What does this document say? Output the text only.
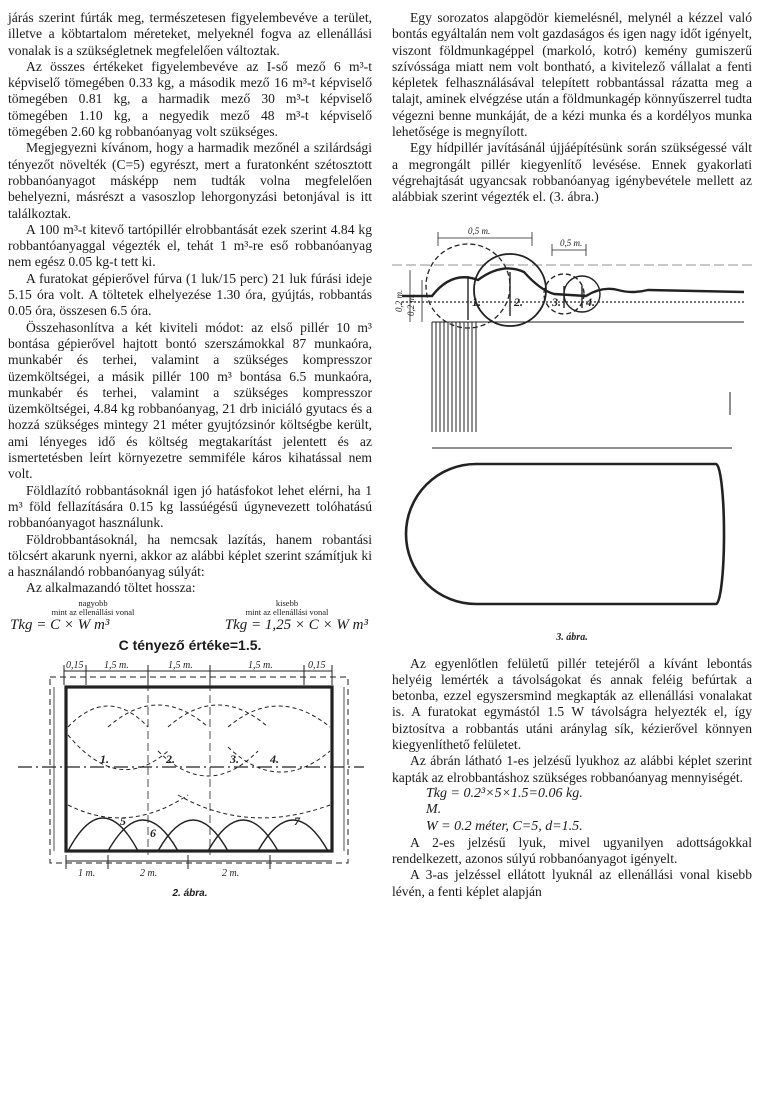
járás szerint fúrták meg, természetesen figyelembevéve a terület, illetve a köbtartalom méreteket, melyeknél fogva az ellenállási vonalak is a szükségletnek megfelelően változtak.

Az összes értékeket figyelembevéve az I-ső mező 6 m³-t képviselő tömegében 0.33 kg, a második mező 16 m³-t képviselő tömegében 0.81 kg, a harmadik mező 30 m³-t képviselő tömegében 1.10 kg, a negyedik mező 48 m³-t képviselő tömegében 2.60 kg robbanóanyag volt szükséges.

Megjegyezni kívánom, hogy a harmadik mezőnél a szilárdsági tényezőt növelték (C=5) egyrészt, mert a furatonként szétosztott robbanóanyagot másképp nem tudták volna megfelelően behelyezni, másrészt a vasoszlop lehorgonyzási betonjával is itt találkoztak.

A 100 m³-t kitevő tartópillér elrobbantását ezek szerint 4.84 kg robbantóanyaggal végezték el, tehát 1 m³-re eső robbanóanyag nem egész 0.05 kg-t tett ki.

A furatokat gépierővel fúrva (1 luk/15 perc) 21 luk fúrási ideje 5.15 óra volt. A töltetek elhelyezése 1.30 óra, gyújtás, robbantás 0.05 óra, összesen 6.5 óra.

Összehasonlítva a két kiviteli módot: az első pillér 10 m³ bontása gépierővel hajtott bontó szerszámokkal 87 munkaóra, munkabér és terhei, valamint a szükséges kompresszor üzemköltségei, a másik pillér 100 m³ bontása 6.5 munkaóra, munkabér és terhei, valamint a szükséges kompresszor üzemköltségei, 4.84 kg robbanóanyag, 21 drb iniciáló gyutacs és a hozzá szükséges mintegy 21 méter gyujtózsinór költségbe került, ami lényeges idő és költség megtakarítást jelentett és az ismertetésben leírt környezetre semmiféle káros kihatással nem volt.

Földlazító robbantásoknál igen jó hatásfokot lehet elérni, ha 1 m³ föld fellazítására 0.15 kg lassúégésű úgynevezett tolóhatású robbanóanyagot használunk.

Földrobbantásoknál, ha nemcsak lazítás, hanem robantási tölcsért akarunk nyerni, akkor az alábbi képlet szerint számítjuk ki a használandó robbanóanyag súlyát:

Az alkalmazandó töltet hossza:

nagyobb
mint az ellenállási vonal
kisebb
mint az ellenállási vonal
Tkg = C × W m³	Tkg = 1,25 × C × W m³
C tényező értéke=1.5.
0,15 1,5 m.	1,5 m.	1,5 m.	0,15
1 m.	2 m.	2 m.
1.	2.	3.	4.
5
6
7
2. ábra.

Egy sorozatos alapgödör kiemelésnél, melynél a kézzel való bontás egyáltalán nem volt gazdaságos és igen nagy időt igényelt, viszont földmunkagéppel (markoló, kotró) kemény gumiszerű szívóssága miatt nem volt bontható, a kivitelező vállalat a fenti képletek felhasználásával telepített robbantással rázatta meg a talajt, aminek elvégzése után a földmunkagép könnyűszerrel tudta végezni benne munkáját, de a kézi munka és a kordélyos munka lehetősége is megnyílott.

Egy hídpillér javításánál újjáépítésünk során szükségessé vált a megrongált pillér kiegyenlítő levésése. Ennek gyakorlati végrehajtását ugyancsak robbanóanyag igénybevétele mellett az alábbiak szerint végezték el. (3. ábra.)

0,5 m.
0,5 m.
0,2 m. 0,2 m.	1.	2. 3. 4.
3. ábra.

Az egyenlőtlen felületű pillér tetejéről a kívánt lebontás helyéig lemérték a távolságokat és annak feléig befúrtak a betonba, ezzel egyszersmind megkapták az ellenállási vonalakat is. A furatokat egymástól 1.5 W távolságra helyezték el, így biztosítva a robbantás utáni aránylag sík, kézierővel könnyen kiegyenlíthető felületet.

Az ábrán látható 1-es jelzésű lyukhoz az alábbi képlet szerint kapták az elrobbantáshoz szükséges robbanóanyag mennyiségét.

Tkg = 0.2³×5×1.5=0.06 kg.
M.
W = 0.2 méter, C=5, d=1.5.

A 2-es jelzésű lyuk, mivel ugyanilyen adottságokkal rendelkezett, azonos súlyú robbanóanyagot igényelt.

A 3-as jelzéssel ellátott lyuknál az ellenállási vonal kisebb lévén, a fenti képlet alapján
